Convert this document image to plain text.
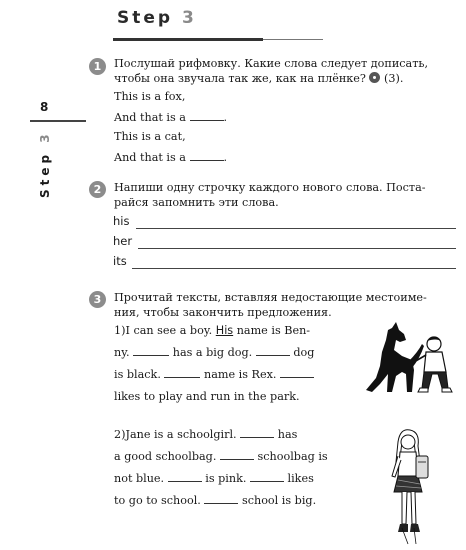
Step 3
8
Step 3
1	Послушай рифмовку. Какие слова следует дописать,
чтобы она звучала так же, как на плёнке? (3).
This is a fox,
And that is a	.
This is a cat,
And that is a	.
2	Напиши одну строчку каждого нового слова. Поста-
райся запомнить эти слова.
his
her
its
3	Прочитай тексты, вставляя недостающие местоиме-
ния, чтобы закончить предложения.
1)I can see a boy. His name is Ben-
ny.	has a big dog.	dog
is black.	name is Rex.
likes to play and run in the park.
2)Jane is a schoolgirl.	has
a good schoolbag.	schoolbag is
not blue.	is pink.	likes
to go to school.	school is big.
